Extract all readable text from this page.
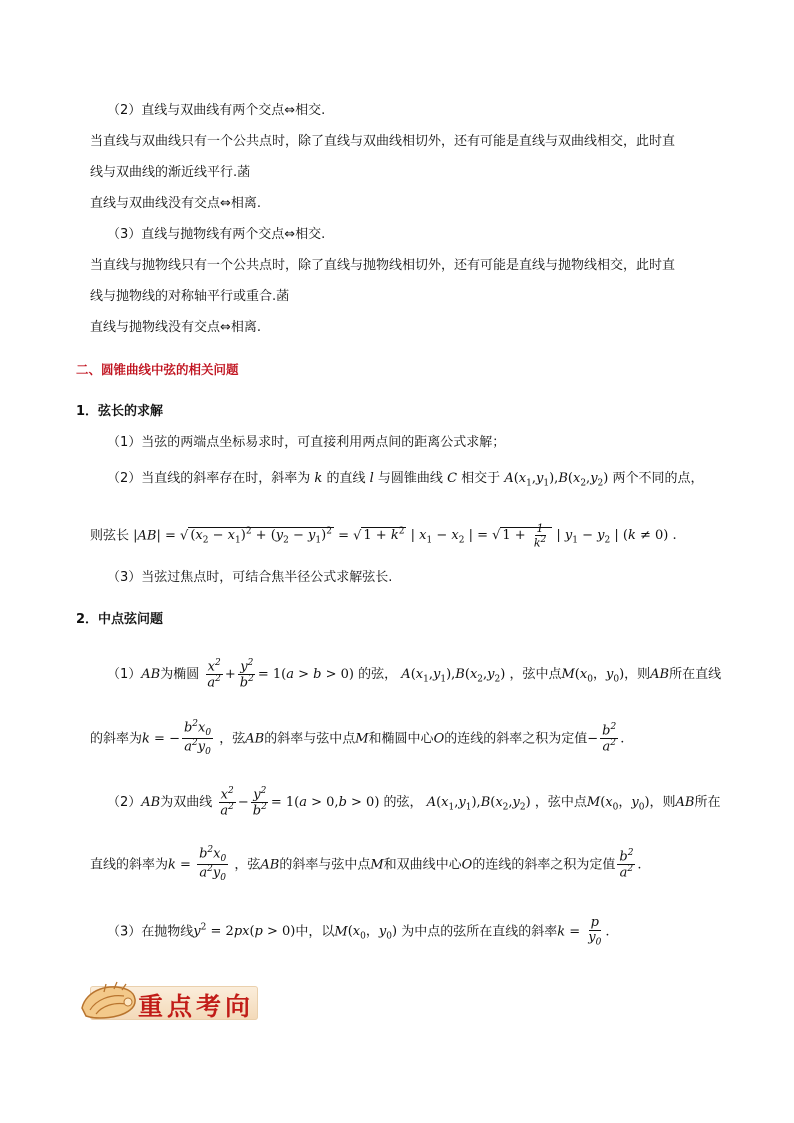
（2）直线与双曲线有两个交点⇔相交.
当直线与双曲线只有一个公共点时，除了直线与双曲线相切外，还有可能是直线与双曲线相交，此时直
线与双曲线的渐近线平行.菡
直线与双曲线没有交点⇔相离.
（3）直线与抛物线有两个交点⇔相交.
当直线与抛物线只有一个公共点时，除了直线与抛物线相切外，还有可能是直线与抛物线相交，此时直
线与抛物线的对称轴平行或重合.菡
直线与抛物线没有交点⇔相离.
二、圆锥曲线中弦的相关问题
1．弦长的求解
（1）当弦的两端点坐标易求时，可直接利用两点间的距离公式求解；
（2）当直线的斜率存在时，斜率为 k 的直线 l 与圆锥曲线 C 相交于 $A(x_1,y_1),B(x_2,y_2)$ 两个不同的点，
则弦长 |AB| = √ $(x_2 - x_1)^2 + (y_2 - y_1)^2$ = √ $1 + k^2$ | $x_1 - x_2$ | = √ $1 + \frac{1}{k^2}$ | $y_1 - y_2$ | (k ≠ 0) .
（3）当弦过焦点时，可结合焦半径公式求解弦长.
2．中点弦问题
（1）AB为椭圆 $\frac{x^2}{a^2} + \frac{y^2}{b^2} = 1(a > b > 0)$ 的弦， $A(x_1,y_1),B(x_2,y_2)$ ，弦中点$M(x_0$，$y_0$)，则AB所在直线
的斜率为k = − $\frac{b^2x_0}{a^2y_0}$ ，弦AB的斜率与弦中点M和椭圆中心O的连线的斜率之积为定值− $\frac{b^2}{a^2}$ .
（2）AB为双曲线 $\frac{x^2}{a^2} - \frac{y^2}{b^2} = 1(a > 0,b > 0)$ 的弦， $A(x_1,y_1),B(x_2,y_2)$ ，弦中点$M(x_0$，$y_0$)，则AB所在
直线的斜率为$k = \frac{b^2x_0}{a^2y_0}$ ，弦AB的斜率与弦中点M和双曲线中心O的连线的斜率之积为定值 $\frac{b^2}{a^2}$ .
（3）在抛物线$y^2 = 2px(p > 0)$中，以$M(x_0$，$y_0$) 为中点的弦所在直线的斜率$k = \frac{p}{y_0}$ .
重点考向
